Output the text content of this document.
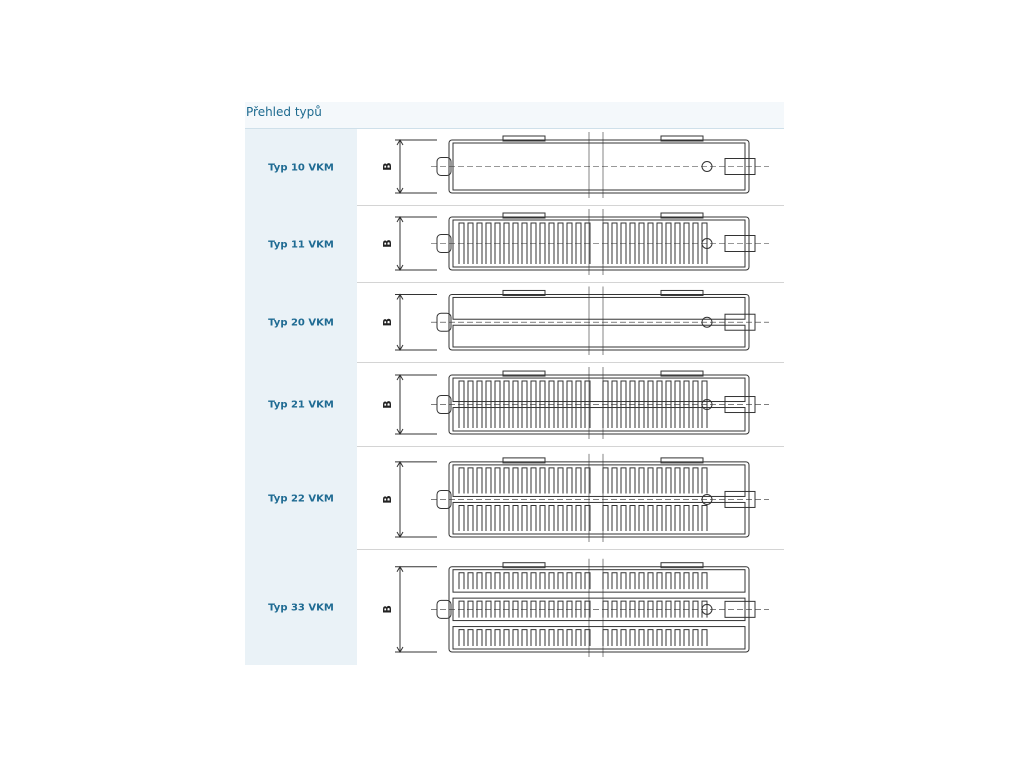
Přehled typů
Typ 10 VKM	B
Typ 11 VKM	B
Typ 20 VKM	B
Typ 21 VKM	B
Typ 22 VKM	B
Typ 33 VKM	B
